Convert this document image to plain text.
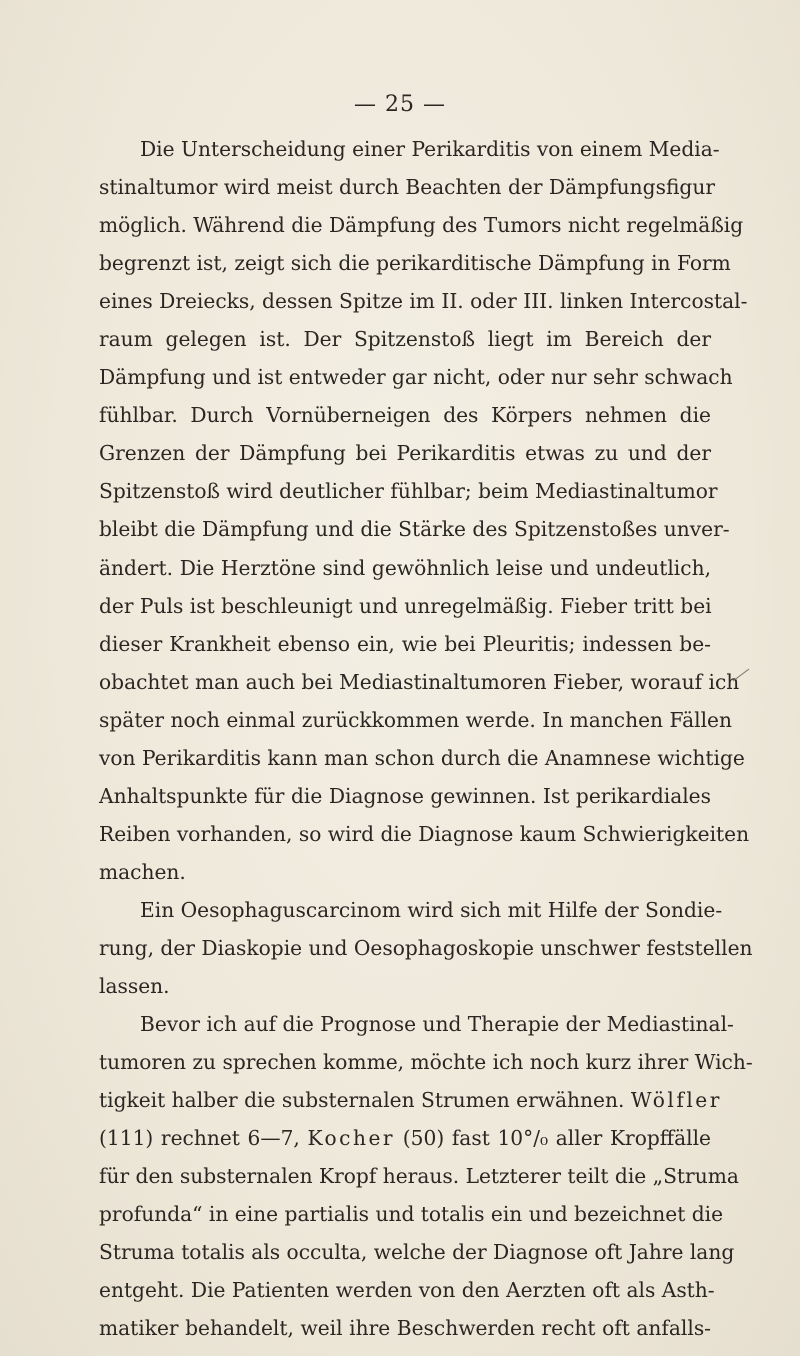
— 25 —
Die Unterscheidung einer Perikarditis von einem Media-
stinaltumor wird meist durch Beachten der Dämpfungsfigur
möglich. Während die Dämpfung des Tumors nicht regelmäßig
begrenzt ist, zeigt sich die perikarditische Dämpfung in Form
eines Dreiecks, dessen Spitze im II. oder III. linken Intercostal-
raum gelegen ist. Der Spitzenstoß liegt im Bereich der
Dämpfung und ist entweder gar nicht, oder nur sehr schwach
fühlbar. Durch Vornüberneigen des Körpers nehmen die
Grenzen der Dämpfung bei Perikarditis etwas zu und der
Spitzenstoß wird deutlicher fühlbar; beim Mediastinaltumor
bleibt die Dämpfung und die Stärke des Spitzenstoßes unver-
ändert. Die Herztöne sind gewöhnlich leise und undeutlich,
der Puls ist beschleunigt und unregelmäßig. Fieber tritt bei
dieser Krankheit ebenso ein, wie bei Pleuritis; indessen be-
obachtet man auch bei Mediastinaltumoren Fieber, worauf ich
später noch einmal zurückkommen werde. In manchen Fällen
von Perikarditis kann man schon durch die Anamnese wichtige
Anhaltspunkte für die Diagnose gewinnen. Ist perikardiales
Reiben vorhanden, so wird die Diagnose kaum Schwierigkeiten
machen.
Ein Oesophaguscarcinom wird sich mit Hilfe der Sondie-
rung, der Diaskopie und Oesophagoskopie unschwer feststellen
lassen.
Bevor ich auf die Prognose und Therapie der Mediastinal-
tumoren zu sprechen komme, möchte ich noch kurz ihrer Wich-
tigkeit halber die substernalen Strumen erwähnen. Wölfler
(111) rechnet 6—7, Kocher (50) fast 10°/₀ aller Kropffälle
für den substernalen Kropf heraus. Letzterer teilt die „Struma
profunda“ in eine partialis und totalis ein und bezeichnet die
Struma totalis als occulta, welche der Diagnose oft Jahre lang
entgeht. Die Patienten werden von den Aerzten oft als Asth-
matiker behandelt, weil ihre Beschwerden recht oft anfalls-
